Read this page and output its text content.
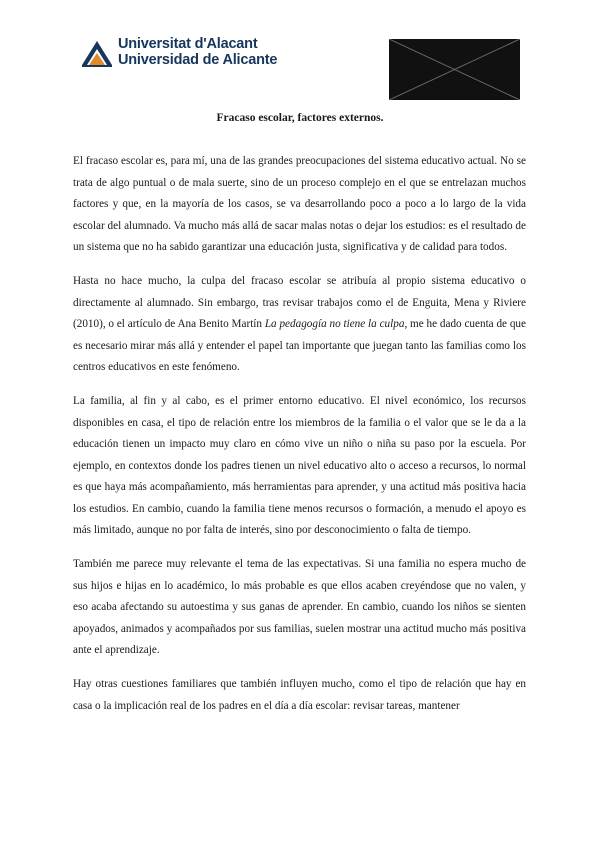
Universitat d'Alacant
Universidad de Alicante
Fracaso escolar, factores externos.

El fracaso escolar es, para mí, una de las grandes preocupaciones del sistema educativo actual. No se trata de algo puntual o de mala suerte, sino de un proceso complejo en el que se entrelazan muchos factores y que, en la mayoría de los casos, se va desarrollando poco a poco a lo largo de la vida escolar del alumnado. Va mucho más allá de sacar malas notas o dejar los estudios: es el resultado de un sistema que no ha sabido garantizar una educación justa, significativa y de calidad para todos.

Hasta no hace mucho, la culpa del fracaso escolar se atribuía al propio sistema educativo o directamente al alumnado. Sin embargo, tras revisar trabajos como el de Enguita, Mena y Riviere (2010), o el artículo de Ana Benito Martín La pedagogía no tiene la culpa, me he dado cuenta de que es necesario mirar más allá y entender el papel tan importante que juegan tanto las familias como los centros educativos en este fenómeno.

La familia, al fin y al cabo, es el primer entorno educativo. El nivel económico, los recursos disponibles en casa, el tipo de relación entre los miembros de la familia o el valor que se le da a la educación tienen un impacto muy claro en cómo vive un niño o niña su paso por la escuela. Por ejemplo, en contextos donde los padres tienen un nivel educativo alto o acceso a recursos, lo normal es que haya más acompañamiento, más herramientas para aprender, y una actitud más positiva hacia los estudios. En cambio, cuando la familia tiene menos recursos o formación, a menudo el apoyo es más limitado, aunque no por falta de interés, sino por desconocimiento o falta de tiempo.

También me parece muy relevante el tema de las expectativas. Si una familia no espera mucho de sus hijos e hijas en lo académico, lo más probable es que ellos acaben creyéndose que no valen, y eso acaba afectando su autoestima y sus ganas de aprender. En cambio, cuando los niños se sienten apoyados, animados y acompañados por sus familias, suelen mostrar una actitud mucho más positiva ante el aprendizaje.

Hay otras cuestiones familiares que también influyen mucho, como el tipo de relación que hay en casa o la implicación real de los padres en el día a día escolar: revisar tareas, mantener
